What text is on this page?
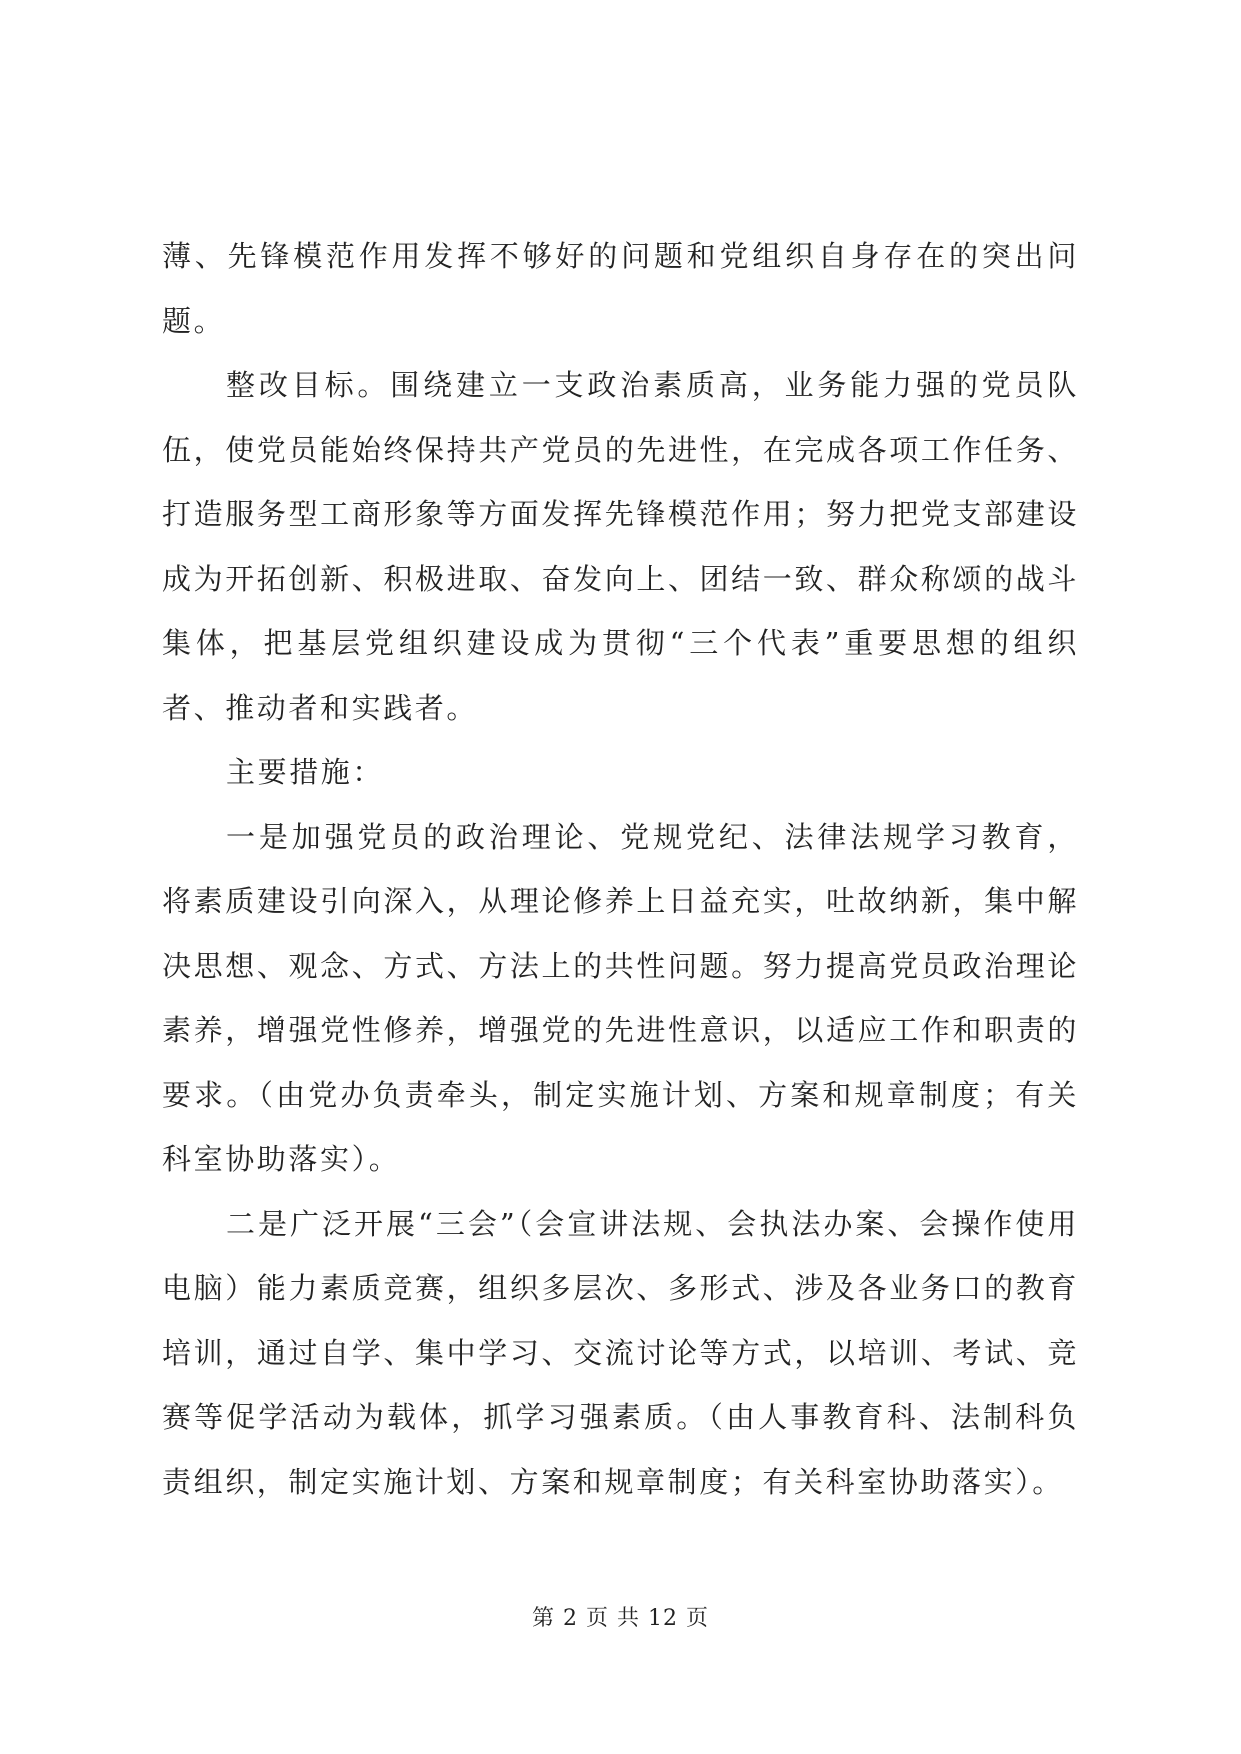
薄、先锋模范作用发挥不够好的问题和党组织自身存在的突出问题。

整改目标。围绕建立一支政治素质高，业务能力强的党员队伍，使党员能始终保持共产党员的先进性，在完成各项工作任务、打造服务型工商形象等方面发挥先锋模范作用；努力把党支部建设成为开拓创新、积极进取、奋发向上、团结一致、群众称颂的战斗集体，把基层党组织建设成为贯彻“三个代表”重要思想的组织者、推动者和实践者。

主要措施：

一是加强党员的政治理论、党规党纪、法律法规学习教育，将素质建设引向深入，从理论修养上日益充实，吐故纳新，集中解决思想、观念、方式、方法上的共性问题。努力提高党员政治理论素养，增强党性修养，增强党的先进性意识，以适应工作和职责的要求。（由党办负责牵头，制定实施计划、方案和规章制度；有关科室协助落实）。

二是广泛开展“三会”（会宣讲法规、会执法办案、会操作使用电脑）能力素质竞赛，组织多层次、多形式、涉及各业务口的教育培训，通过自学、集中学习、交流讨论等方式，以培训、考试、竞赛等促学活动为载体，抓学习强素质。（由人事教育科、法制科负责组织，制定实施计划、方案和规章制度；有关科室协助落实）。

第 2 页 共 12 页
